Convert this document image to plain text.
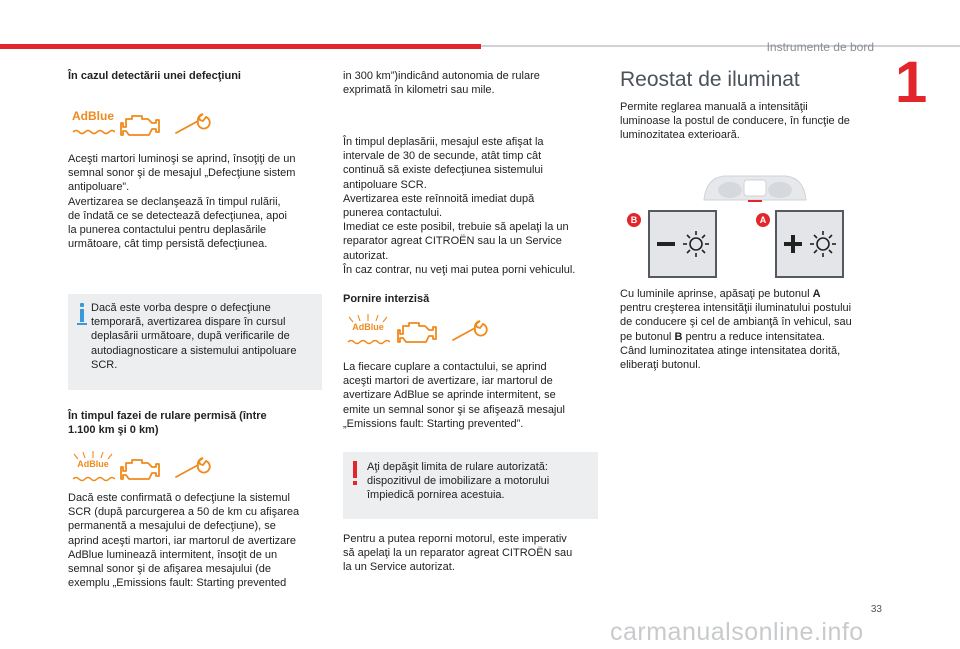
Instrumente de bord
1
33
carmanualsonline.info
În cazul detectării unei defecţiuni
AdBlue
Aceşti martori luminoşi se aprind, însoţiţi de un
semnal sonor şi de mesajul „Defecţiune sistem
antipoluare”.
Avertizarea se declanşează în timpul rulării,
de îndată ce se detectează defecţiunea, apoi
la punerea contactului pentru deplasările
următoare, cât timp persistă defecţiunea.
Dacă este vorba despre o defecţiune
temporară, avertizarea dispare în cursul
deplasării următoare, după verificarile de
autodiagnosticare a sistemului antipoluare
SCR.
În timpul fazei de rulare permisă (între
1.100 km şi 0 km)
AdBlue
Dacă este confirmată o defecţiune la sistemul
SCR (după parcurgerea a 50 de km cu afişarea
permanentă a mesajului de defecţiune), se
aprind aceşti martori, iar martorul de avertizare
AdBlue luminează intermitent, însoţit de un
semnal sonor şi de afişarea mesajului (de
exemplu „Emissions fault: Starting prevented
in 300 km”)indicând autonomia de rulare
exprimată în kilometri sau mile.
În timpul deplasării, mesajul este afişat la
intervale de 30 de secunde, atât timp cât
continuă să existe defecţiunea sistemului
antipoluare SCR.
Avertizarea este reînnoită imediat după
punerea contactului.
Imediat ce este posibil, trebuie să apelaţi la un
reparator agreat CITROËN sau la un Service
autorizat.
În caz contrar, nu veţi mai putea porni vehiculul.
Pornire interzisă
AdBlue
La fiecare cuplare a contactului, se aprind
aceşti martori de avertizare, iar martorul de
avertizare AdBlue se aprinde intermitent, se
emite un semnal sonor şi se afişează mesajul
„Emissions fault: Starting prevented”.
Aţi depăşit limita de rulare autorizată:
dispozitivul de imobilizare a motorului
împiedică pornirea acestuia.
Pentru a putea reporni motorul, este imperativ
să apelaţi la un reparator agreat CITROËN sau
la un Service autorizat.
Reostat de iluminat
Permite reglarea manuală a intensităţii
luminoase la postul de conducere, în funcţie de
luminozitatea exterioară.
B	A
Cu luminile aprinse, apăsaţi pe butonul A
pentru creşterea intensităţii iluminatului postului
de conducere şi cel de ambianţă în vehicul, sau
pe butonul B pentru a reduce intensitatea.
Când luminozitatea atinge intensitatea dorită,
eliberaţi butonul.
